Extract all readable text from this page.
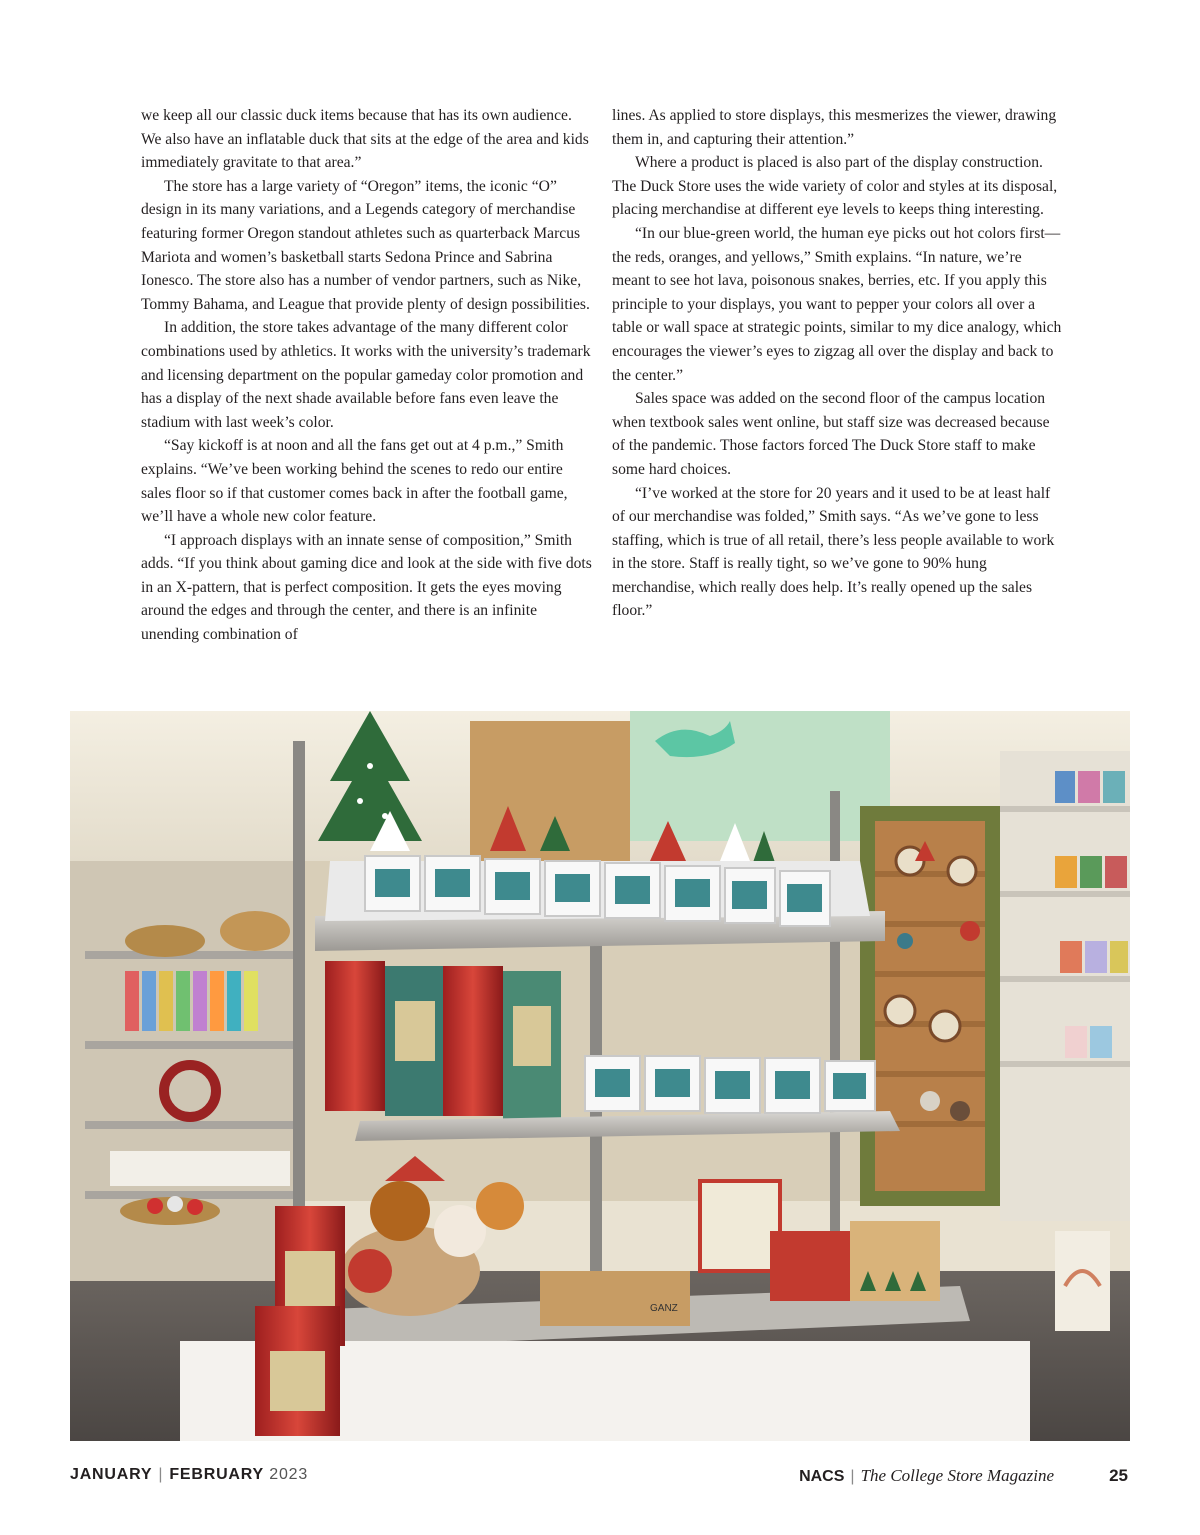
we keep all our classic duck items because that has its own audience. We also have an inflatable duck that sits at the edge of the area and kids immediately gravitate to that area.”

The store has a large variety of “Oregon” items, the iconic “O” design in its many variations, and a Legends category of merchandise featuring former Oregon standout athletes such as quarterback Marcus Mariota and women’s basketball starts Sedona Prince and Sabrina Ionesco. The store also has a number of vendor partners, such as Nike, Tommy Bahama, and League that provide plenty of design possibilities.

In addition, the store takes advantage of the many different color combinations used by athletics. It works with the university’s trademark and licensing department on the popular gameday color promotion and has a display of the next shade available before fans even leave the stadium with last week’s color.

“Say kickoff is at noon and all the fans get out at 4 p.m.,” Smith explains. “We’ve been working behind the scenes to redo our entire sales floor so if that customer comes back in after the football game, we’ll have a whole new color feature.

“I approach displays with an innate sense of composition,” Smith adds. “If you think about gaming dice and look at the side with five dots in an X-pattern, that is perfect composition. It gets the eyes moving around the edges and through the center, and there is an infinite unending combination of

lines. As applied to store displays, this mesmerizes the viewer, drawing them in, and capturing their attention.”

Where a product is placed is also part of the display construction. The Duck Store uses the wide variety of color and styles at its disposal, placing merchandise at different eye levels to keeps thing interesting.

“In our blue-green world, the human eye picks out hot colors first—the reds, oranges, and yellows,” Smith explains. “In nature, we’re meant to see hot lava, poisonous snakes, berries, etc. If you apply this principle to your displays, you want to pepper your colors all over a table or wall space at strategic points, similar to my dice analogy, which encourages the viewer’s eyes to zigzag all over the display and back to the center.”

Sales space was added on the second floor of the campus location when textbook sales went online, but staff size was decreased because of the pandemic. Those factors forced The Duck Store staff to make some hard choices.

“I’ve worked at the store for 20 years and it used to be at least half of our merchandise was folded,” Smith says. “As we’ve gone to less staffing, which is true of all retail, there’s less people available to work in the store. Staff is really tight, so we’ve gone to 90% hung merchandise, which really does help. It’s really opened up the sales floor.”

GANZ
JANUARY | FEBRUARY 2023	NACS | The College Store Magazine	25
